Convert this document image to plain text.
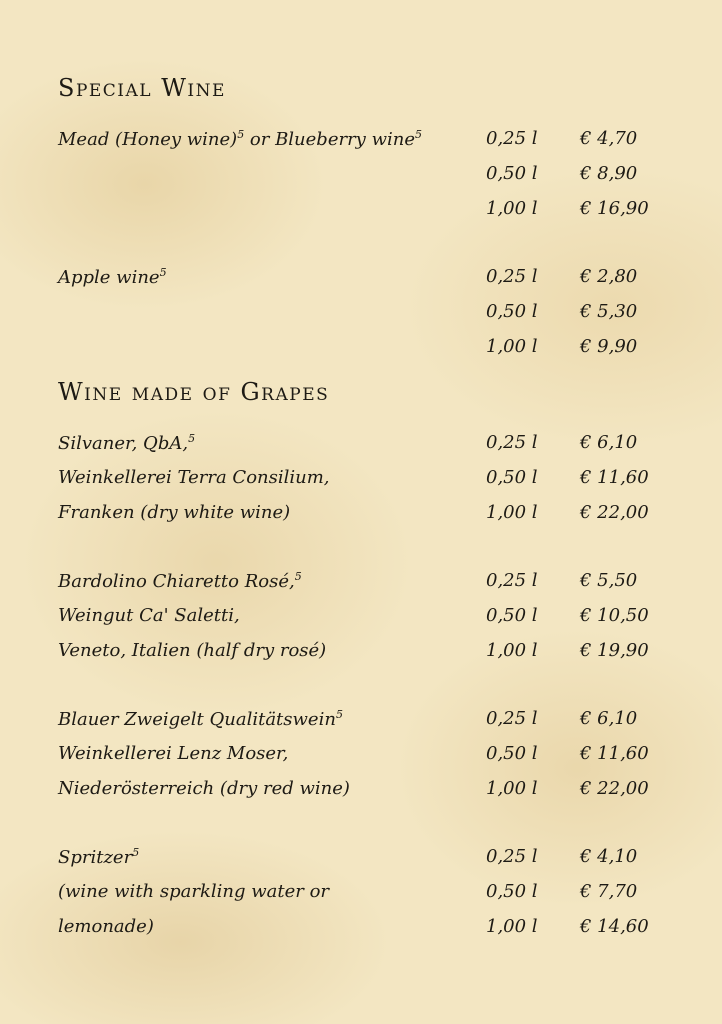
Special Wine
Mead (Honey wine)$^5$ or Blueberry wine$^5$	0,25 l € 4,70
0,50 l € 8,90
1,00 l € 16,90
Apple wine$^5$	0,25 l € 2,80
0,50 l € 5,30
1,00 l € 9,90
Wine made of Grapes
Silvaner, QbA,$^5$	0,25 l € 6,10
Weinkellerei Terra Consilium,	0,50 l € 11,60
Franken (dry white wine)	1,00 l € 22,00
Bardolino Chiaretto Rosé,$^5$	0,25 l € 5,50
Weingut Ca' Saletti,	0,50 l € 10,50
Veneto, Italien (half dry rosé)	1,00 l € 19,90
Blauer Zweigelt Qualitätswein$^5$	0,25 l € 6,10
Weinkellerei Lenz Moser,	0,50 l € 11,60
Niederösterreich (dry red wine)	1,00 l € 22,00
Spritzer$^5$	0,25 l € 4,10
(wine with sparkling water or	0,50 l € 7,70
lemonade)	1,00 l € 14,60
